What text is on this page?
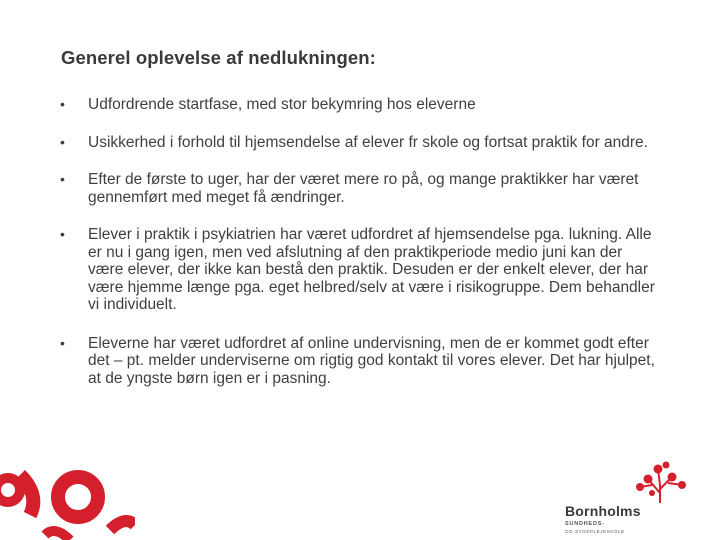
Generel oplevelse af nedlukningen:
• Udfordrende startfase, med stor bekymring hos eleverne
• Usikkerhed i forhold til hjemsendelse af elever fr skole og fortsat praktik for andre.
• Efter de første to uger, har der været mere ro på, og mange praktikker har været gennemført med meget få ændringer.
• Elever i praktik i psykiatrien har været udfordret af hjemsendelse pga. lukning. Alle er nu i gang igen, men ved afslutning af den praktikperiode medio juni kan der være elever, der ikke kan bestå den praktik. Desuden er der enkelt elever, der har være hjemme længe pga. eget helbred/selv at være i risikogruppe. Dem behandler vi individuelt.
• Eleverne har været udfordret af online undervisning, men de er kommet godt efter det – pt. melder underviserne om rigtig god kontakt til vores elever. Det har hjulpet, at de yngste børn igen er i pasning.
Bornholms
SUNDHEDS-
OG SYGEPLEJESKOLE
